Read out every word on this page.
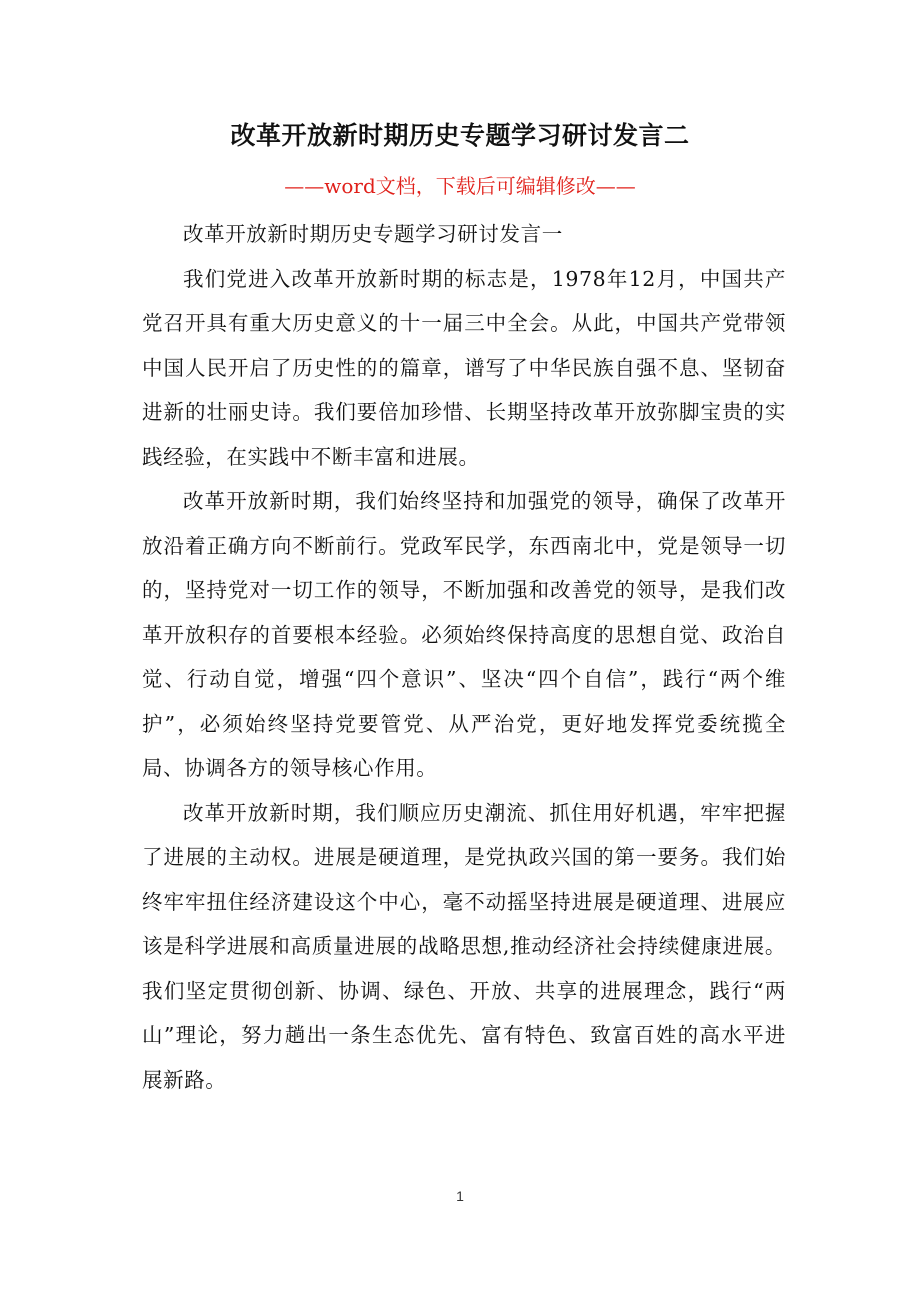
改革开放新时期历史专题学习研讨发言二
——word文档，下载后可编辑修改——

改革开放新时期历史专题学习研讨发言一

我们党进入改革开放新时期的标志是，1978年12月，中国共产党召开具有重大历史意义的十一届三中全会。从此，中国共产党带领中国人民开启了历史性的的篇章，谱写了中华民族自强不息、坚韧奋进新的壮丽史诗。我们要倍加珍惜、长期坚持改革开放弥脚宝贵的实践经验，在实践中不断丰富和进展。

改革开放新时期，我们始终坚持和加强党的领导，确保了改革开放沿着正确方向不断前行。党政军民学，东西南北中，党是领导一切的，坚持党对一切工作的领导，不断加强和改善党的领导，是我们改革开放积存的首要根本经验。必须始终保持高度的思想自觉、政治自觉、行动自觉，增强“四个意识”、坚决“四个自信”，践行“两个维护”，必须始终坚持党要管党、从严治党，更好地发挥党委统揽全局、协调各方的领导核心作用。

改革开放新时期，我们顺应历史潮流、抓住用好机遇，牢牢把握了进展的主动权。进展是硬道理，是党执政兴国的第一要务。我们始终牢牢扭住经济建设这个中心，毫不动摇坚持进展是硬道理、进展应该是科学进展和高质量进展的战略思想,推动经济社会持续健康进展。我们坚定贯彻创新、协调、绿色、开放、共享的进展理念，践行“两山”理论，努力趟出一条生态优先、富有特色、致富百姓的高水平进展新路。

1
